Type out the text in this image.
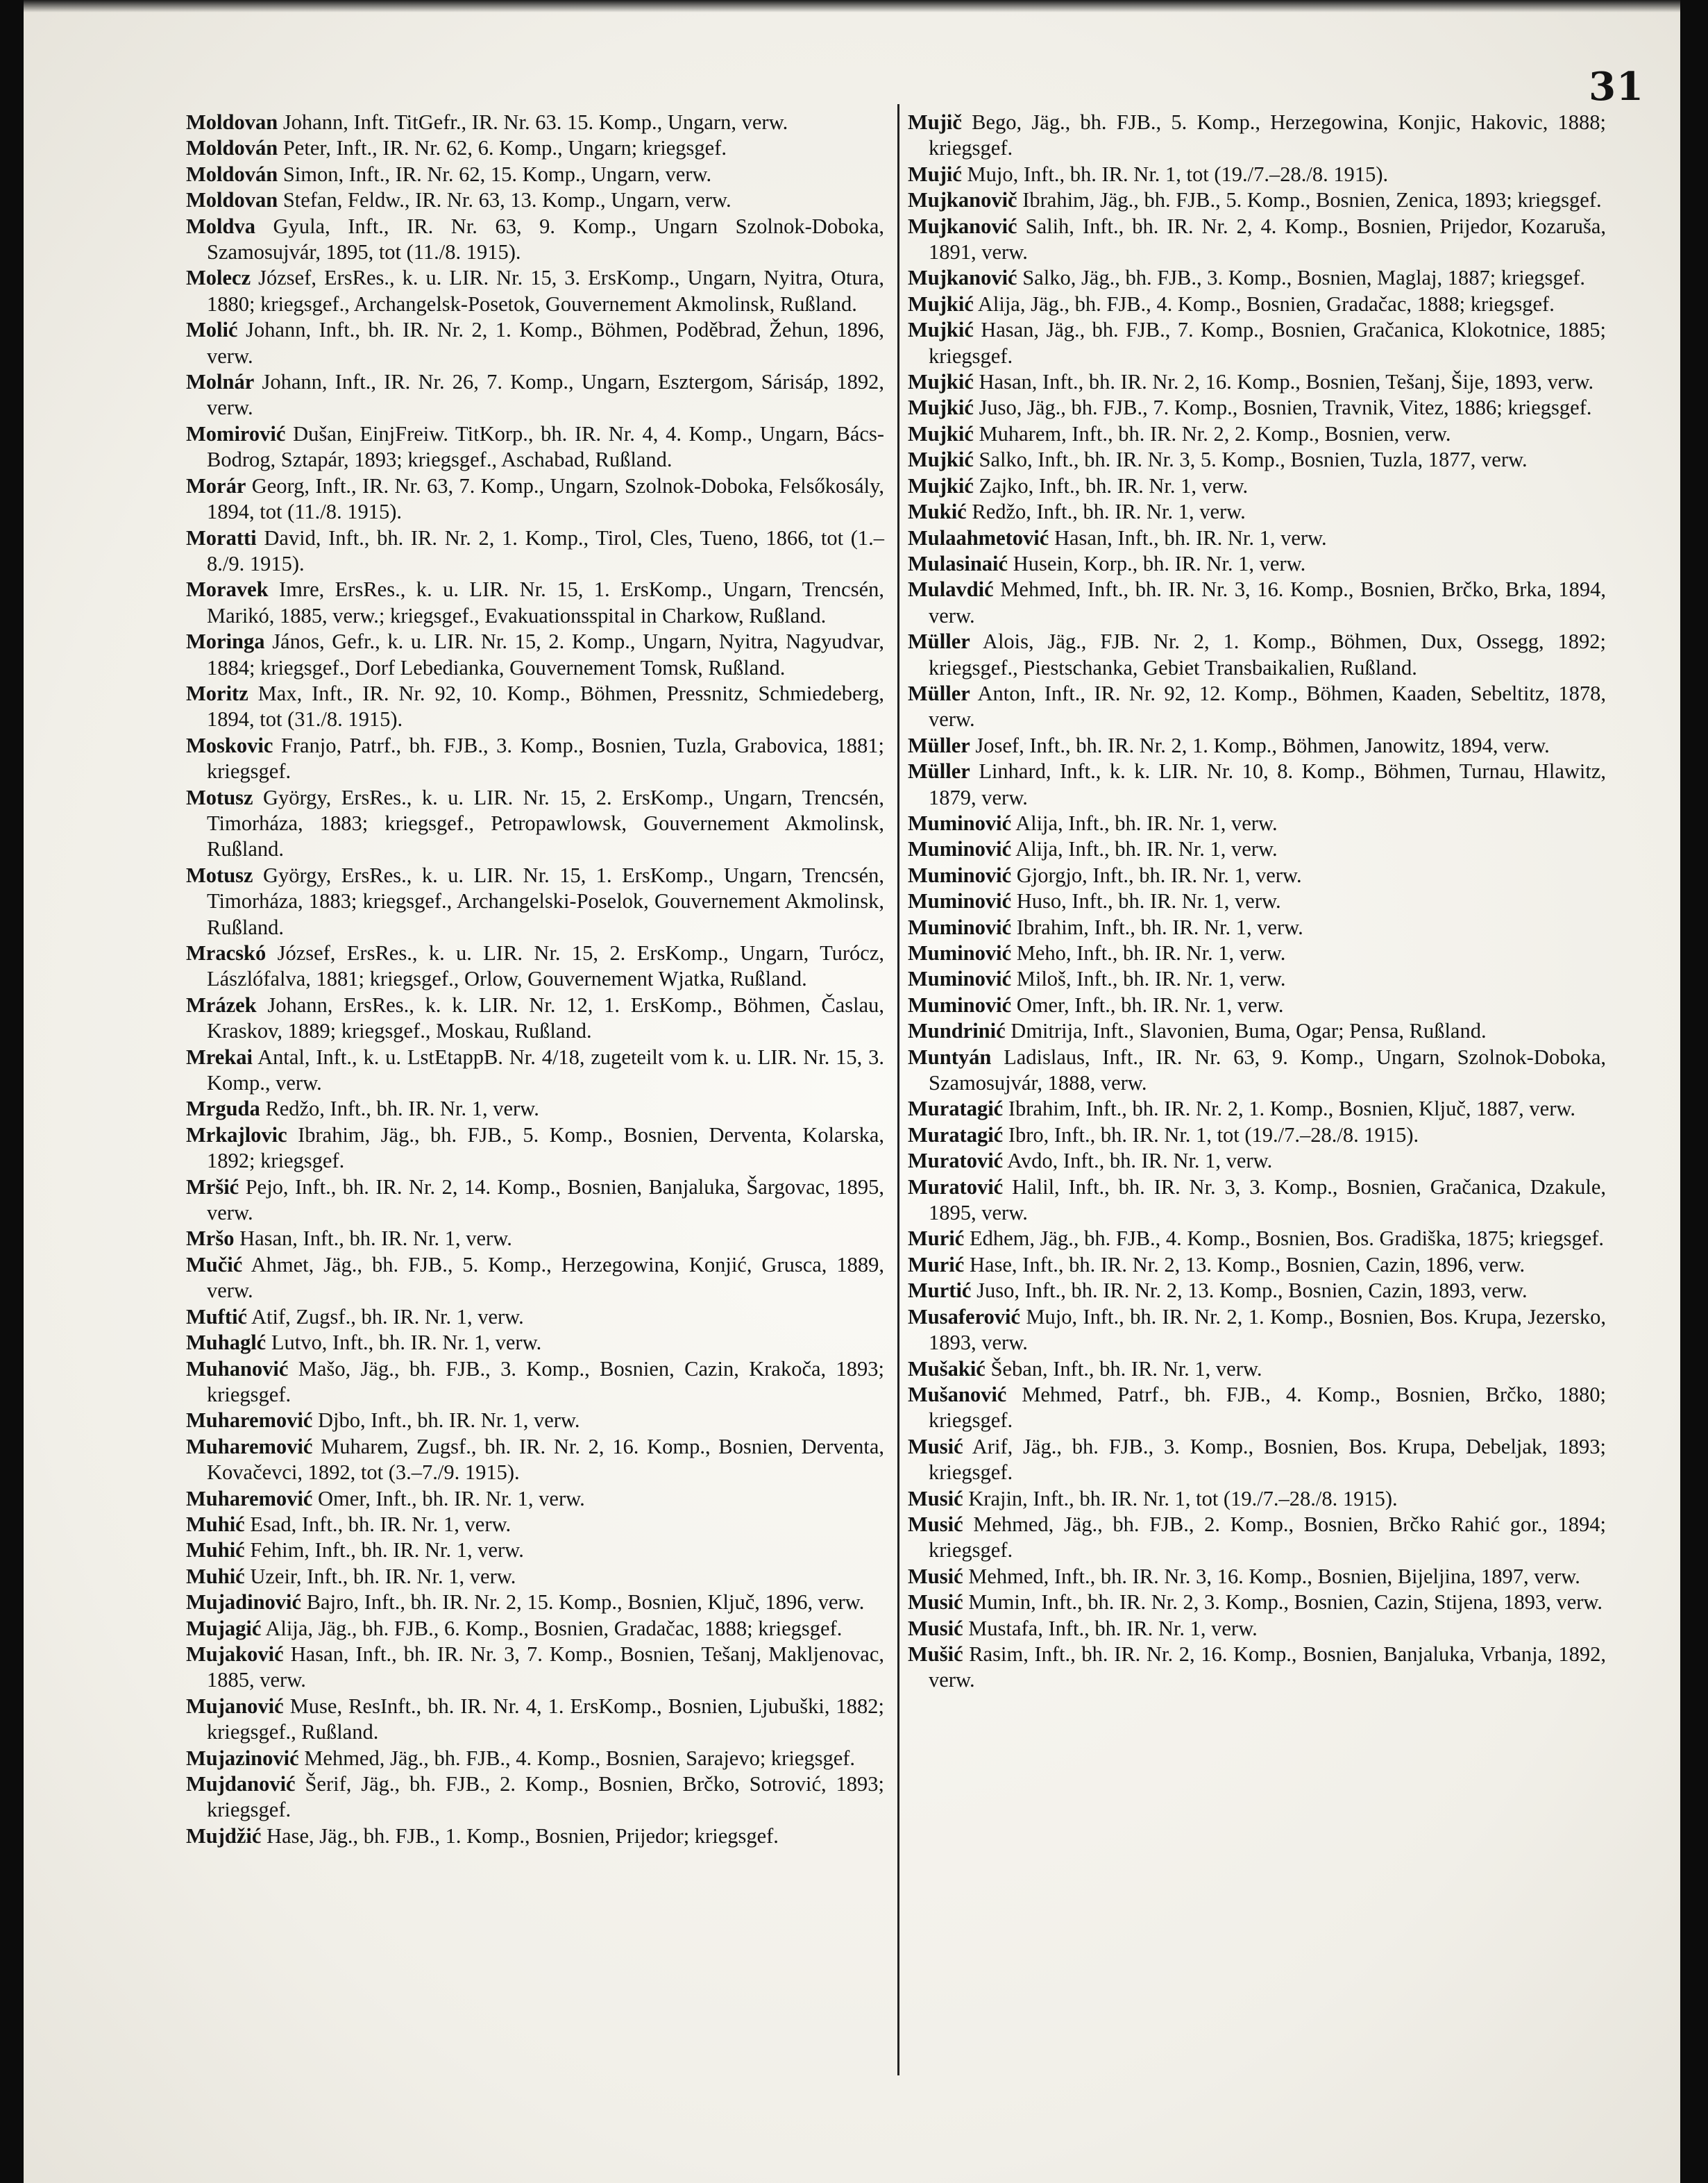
31

Moldovan Johann, Inft. TitGefr., IR. Nr. 63. 15. Komp., Ungarn, verw.

Moldován Peter, Inft., IR. Nr. 62, 6. Komp., Ungarn; kriegsgef.

Moldován Simon, Inft., IR. Nr. 62, 15. Komp., Ungarn, verw.

Moldovan Stefan, Feldw., IR. Nr. 63, 13. Komp., Ungarn, verw.

Moldva Gyula, Inft., IR. Nr. 63, 9. Komp., Ungarn Szolnok-Doboka, Szamosujvár, 1895, tot (11./8. 1915).

Molecz József, ErsRes., k. u. LIR. Nr. 15, 3. ErsKomp., Ungarn, Nyitra, Otura, 1880; kriegsgef., Archangelsk-Posetok, Gouvernement Akmolinsk, Rußland.

Molić Johann, Inft., bh. IR. Nr. 2, 1. Komp., Böhmen, Poděbrad, Žehun, 1896, verw.

Molnár Johann, Inft., IR. Nr. 26, 7. Komp., Ungarn, Esztergom, Sárisáp, 1892, verw.

Momirović Dušan, EinjFreiw. TitKorp., bh. IR. Nr. 4, 4. Komp., Ungarn, Bács-Bodrog, Sztapár, 1893; kriegsgef., Aschabad, Rußland.

Morár Georg, Inft., IR. Nr. 63, 7. Komp., Ungarn, Szolnok-Doboka, Felsőkosály, 1894, tot (11./8. 1915).

Moratti David, Inft., bh. IR. Nr. 2, 1. Komp., Tirol, Cles, Tueno, 1866, tot (1.–8./9. 1915).

Moravek Imre, ErsRes., k. u. LIR. Nr. 15, 1. ErsKomp., Ungarn, Trencsén, Marikó, 1885, verw.; kriegsgef., Evakuationsspital in Charkow, Rußland.

Moringa János, Gefr., k. u. LIR. Nr. 15, 2. Komp., Ungarn, Nyitra, Nagyudvar, 1884; kriegsgef., Dorf Lebedianka, Gouvernement Tomsk, Rußland.

Moritz Max, Inft., IR. Nr. 92, 10. Komp., Böhmen, Pressnitz, Schmiedeberg, 1894, tot (31./8. 1915).

Moskovic Franjo, Patrf., bh. FJB., 3. Komp., Bosnien, Tuzla, Grabovica, 1881; kriegsgef.

Motusz György, ErsRes., k. u. LIR. Nr. 15, 2. ErsKomp., Ungarn, Trencsén, Timorháza, 1883; kriegsgef., Petropawlowsk, Gouvernement Akmolinsk, Rußland.

Motusz György, ErsRes., k. u. LIR. Nr. 15, 1. ErsKomp., Ungarn, Trencsén, Timorháza, 1883; kriegsgef., Archangelski-Poselok, Gouvernement Akmolinsk, Rußland.

Mracskó József, ErsRes., k. u. LIR. Nr. 15, 2. ErsKomp., Ungarn, Turócz, Lászlófalva, 1881; kriegsgef., Orlow, Gouvernement Wjatka, Rußland.

Mrázek Johann, ErsRes., k. k. LIR. Nr. 12, 1. ErsKomp., Böhmen, Časlau, Kraskov, 1889; kriegsgef., Moskau, Rußland.

Mrekai Antal, Inft., k. u. LstEtappB. Nr. 4/18, zugeteilt vom k. u. LIR. Nr. 15, 3. Komp., verw.

Mrguda Redžo, Inft., bh. IR. Nr. 1, verw.

Mrkajlovic Ibrahim, Jäg., bh. FJB., 5. Komp., Bosnien, Derventa, Kolarska, 1892; kriegsgef.

Mršić Pejo, Inft., bh. IR. Nr. 2, 14. Komp., Bosnien, Banjaluka, Šargovac, 1895, verw.

Mršo Hasan, Inft., bh. IR. Nr. 1, verw.

Mučić Ahmet, Jäg., bh. FJB., 5. Komp., Herzegowina, Konjić, Grusca, 1889, verw.

Muftić Atif, Zugsf., bh. IR. Nr. 1, verw.

Muhaglć Lutvo, Inft., bh. IR. Nr. 1, verw.

Muhanović Mašo, Jäg., bh. FJB., 3. Komp., Bosnien, Cazin, Krakoča, 1893; kriegsgef.

Muharemović Djbo, Inft., bh. IR. Nr. 1, verw.

Muharemović Muharem, Zugsf., bh. IR. Nr. 2, 16. Komp., Bosnien, Derventa, Kovačevci, 1892, tot (3.–7./9. 1915).

Muharemović Omer, Inft., bh. IR. Nr. 1, verw.

Muhić Esad, Inft., bh. IR. Nr. 1, verw.

Muhić Fehim, Inft., bh. IR. Nr. 1, verw.

Muhić Uzeir, Inft., bh. IR. Nr. 1, verw.

Mujadinović Bajro, Inft., bh. IR. Nr. 2, 15. Komp., Bosnien, Ključ, 1896, verw.

Mujagić Alija, Jäg., bh. FJB., 6. Komp., Bosnien, Gradačac, 1888; kriegsgef.

Mujaković Hasan, Inft., bh. IR. Nr. 3, 7. Komp., Bosnien, Tešanj, Makljenovac, 1885, verw.

Mujanović Muse, ResInft., bh. IR. Nr. 4, 1. ErsKomp., Bosnien, Ljubuški, 1882; kriegsgef., Rußland.

Mujazinović Mehmed, Jäg., bh. FJB., 4. Komp., Bosnien, Sarajevo; kriegsgef.

Mujdanović Šerif, Jäg., bh. FJB., 2. Komp., Bosnien, Brčko, Sotrović, 1893; kriegsgef.

Mujdžić Hase, Jäg., bh. FJB., 1. Komp., Bosnien, Prijedor; kriegsgef.

Mujič Bego, Jäg., bh. FJB., 5. Komp., Herzegowina, Konjic, Hakovic, 1888; kriegsgef.

Mujić Mujo, Inft., bh. IR. Nr. 1, tot (19./7.–28./8. 1915).

Mujkanovič Ibrahim, Jäg., bh. FJB., 5. Komp., Bosnien, Zenica, 1893; kriegsgef.

Mujkanović Salih, Inft., bh. IR. Nr. 2, 4. Komp., Bosnien, Prijedor, Kozaruša, 1891, verw.

Mujkanović Salko, Jäg., bh. FJB., 3. Komp., Bosnien, Maglaj, 1887; kriegsgef.

Mujkić Alija, Jäg., bh. FJB., 4. Komp., Bosnien, Gradačac, 1888; kriegsgef.

Mujkić Hasan, Jäg., bh. FJB., 7. Komp., Bosnien, Gračanica, Klokotnice, 1885; kriegsgef.

Mujkić Hasan, Inft., bh. IR. Nr. 2, 16. Komp., Bosnien, Tešanj, Šije, 1893, verw.

Mujkić Juso, Jäg., bh. FJB., 7. Komp., Bosnien, Travnik, Vitez, 1886; kriegsgef.

Mujkić Muharem, Inft., bh. IR. Nr. 2, 2. Komp., Bosnien, verw.

Mujkić Salko, Inft., bh. IR. Nr. 3, 5. Komp., Bosnien, Tuzla, 1877, verw.

Mujkić Zajko, Inft., bh. IR. Nr. 1, verw.

Mukić Redžo, Inft., bh. IR. Nr. 1, verw.

Mulaahmetović Hasan, Inft., bh. IR. Nr. 1, verw.

Mulasinaić Husein, Korp., bh. IR. Nr. 1, verw.

Mulavdić Mehmed, Inft., bh. IR. Nr. 3, 16. Komp., Bosnien, Brčko, Brka, 1894, verw.

Müller Alois, Jäg., FJB. Nr. 2, 1. Komp., Böhmen, Dux, Ossegg, 1892; kriegsgef., Piestschanka, Gebiet Transbaikalien, Rußland.

Müller Anton, Inft., IR. Nr. 92, 12. Komp., Böhmen, Kaaden, Sebeltitz, 1878, verw.

Müller Josef, Inft., bh. IR. Nr. 2, 1. Komp., Böhmen, Janowitz, 1894, verw.

Müller Linhard, Inft., k. k. LIR. Nr. 10, 8. Komp., Böhmen, Turnau, Hlawitz, 1879, verw.

Muminović Alija, Inft., bh. IR. Nr. 1, verw.

Muminović Alija, Inft., bh. IR. Nr. 1, verw.

Muminović Gjorgjo, Inft., bh. IR. Nr. 1, verw.

Muminović Huso, Inft., bh. IR. Nr. 1, verw.

Muminović Ibrahim, Inft., bh. IR. Nr. 1, verw.

Muminović Meho, Inft., bh. IR. Nr. 1, verw.

Muminović Miloš, Inft., bh. IR. Nr. 1, verw.

Muminović Omer, Inft., bh. IR. Nr. 1, verw.

Mundrinić Dmitrija, Inft., Slavonien, Buma, Ogar; Pensa, Rußland.

Muntyán Ladislaus, Inft., IR. Nr. 63, 9. Komp., Ungarn, Szolnok-Doboka, Szamosujvár, 1888, verw.

Muratagić Ibrahim, Inft., bh. IR. Nr. 2, 1. Komp., Bosnien, Ključ, 1887, verw.

Muratagić Ibro, Inft., bh. IR. Nr. 1, tot (19./7.–28./8. 1915).

Muratović Avdo, Inft., bh. IR. Nr. 1, verw.

Muratović Halil, Inft., bh. IR. Nr. 3, 3. Komp., Bosnien, Gračanica, Dzakule, 1895, verw.

Murić Edhem, Jäg., bh. FJB., 4. Komp., Bosnien, Bos. Gradiška, 1875; kriegsgef.

Murić Hase, Inft., bh. IR. Nr. 2, 13. Komp., Bosnien, Cazin, 1896, verw.

Murtić Juso, Inft., bh. IR. Nr. 2, 13. Komp., Bosnien, Cazin, 1893, verw.

Musaferović Mujo, Inft., bh. IR. Nr. 2, 1. Komp., Bosnien, Bos. Krupa, Jezersko, 1893, verw.

Mušakić Šeban, Inft., bh. IR. Nr. 1, verw.

Mušanović Mehmed, Patrf., bh. FJB., 4. Komp., Bosnien, Brčko, 1880; kriegsgef.

Musić Arif, Jäg., bh. FJB., 3. Komp., Bosnien, Bos. Krupa, Debeljak, 1893; kriegsgef.

Musić Krajin, Inft., bh. IR. Nr. 1, tot (19./7.–28./8. 1915).

Musić Mehmed, Jäg., bh. FJB., 2. Komp., Bosnien, Brčko Rahić gor., 1894; kriegsgef.

Musić Mehmed, Inft., bh. IR. Nr. 3, 16. Komp., Bosnien, Bijeljina, 1897, verw.

Musić Mumin, Inft., bh. IR. Nr. 2, 3. Komp., Bosnien, Cazin, Stijena, 1893, verw.

Musić Mustafa, Inft., bh. IR. Nr. 1, verw.

Mušić Rasim, Inft., bh. IR. Nr. 2, 16. Komp., Bosnien, Banjaluka, Vrbanja, 1892, verw.
